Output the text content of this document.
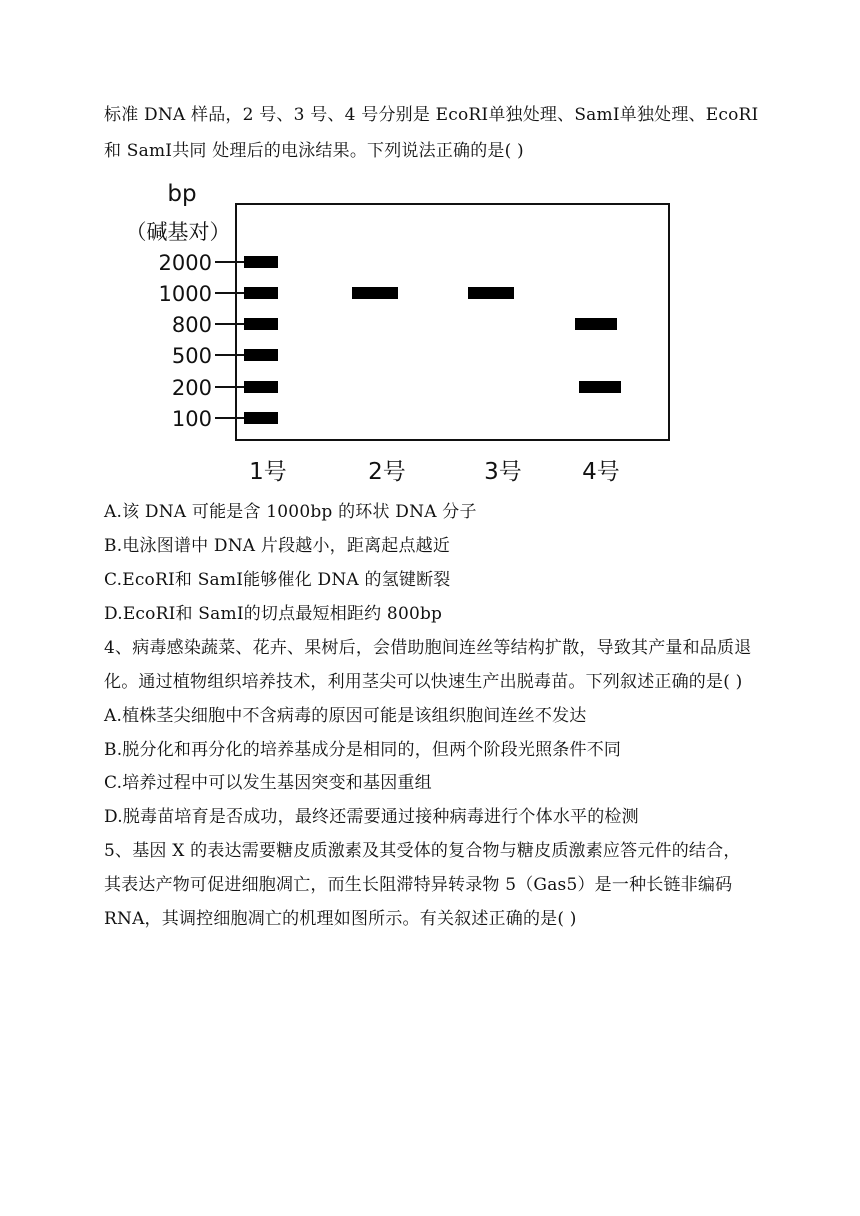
标准 DNA 样品，2 号、3 号、4 号分别是 EcoRⅠ单独处理、SamⅠ单独处理、EcoRⅠ
和 SamⅠ共同 处理后的电泳结果。下列说法正确的是( )
bp
（碱基对）
2000
1000
800
500
200
100
1号	2号	3号	4号
A.该 DNA 可能是含 1000bp 的环状 DNA 分子
B.电泳图谱中 DNA 片段越小，距离起点越近
C.EcoRⅠ和 SamⅠ能够催化 DNA 的氢键断裂
D.EcoRⅠ和 SamⅠ的切点最短相距约 800bp
4、病毒感染蔬菜、花卉、果树后，会借助胞间连丝等结构扩散，导致其产量和品质退
化。通过植物组织培养技术，利用茎尖可以快速生产出脱毒苗。下列叙述正确的是( )
A.植株茎尖细胞中不含病毒的原因可能是该组织胞间连丝不发达
B.脱分化和再分化的培养基成分是相同的，但两个阶段光照条件不同
C.培养过程中可以发生基因突变和基因重组
D.脱毒苗培育是否成功，最终还需要通过接种病毒进行个体水平的检测
5、基因 X 的表达需要糖皮质激素及其受体的复合物与糖皮质激素应答元件的结合，
其表达产物可促进细胞凋亡，而生长阻滞特异转录物 5（Gas5）是一种长链非编码
RNA，其调控细胞凋亡的机理如图所示。有关叙述正确的是( )
